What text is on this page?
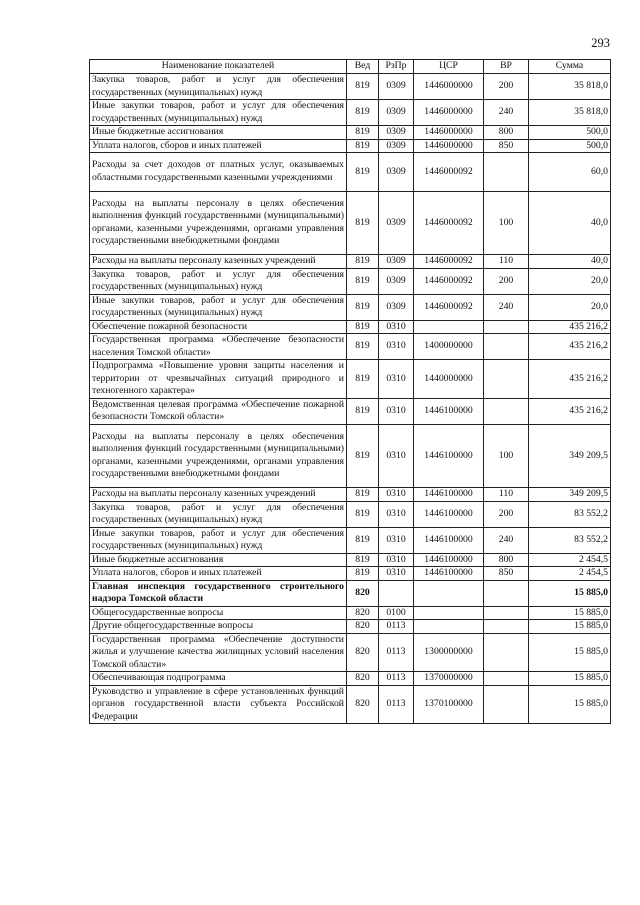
293
Наименование показателей	Вед	РзПр	ЦСР	ВР	Сумма
Закупка товаров, работ и услуг для обеспечения государственных (муниципальных) нужд	819	0309	1446000000	200	35 818,0
Иные закупки товаров, работ и услуг для обеспечения государственных (муниципальных) нужд	819	0309	1446000000	240	35 818,0
Иные бюджетные ассигнования	819	0309	1446000000	800	500,0
Уплата налогов, сборов и иных платежей	819	0309	1446000000	850	500,0
Расходы за счет доходов от платных услуг, оказываемых областными государственными казенными учреждениями	819	0309	1446000092		60,0
Расходы на выплаты персоналу в целях обеспечения выполнения функций государственными (муниципальными) органами, казенными учреждениями, органами управления государственными внебюджетными фондами	819	0309	1446000092	100	40,0
Расходы на выплаты персоналу казенных учреждений	819	0309	1446000092	110	40,0
Закупка товаров, работ и услуг для обеспечения государственных (муниципальных) нужд	819	0309	1446000092	200	20,0
Иные закупки товаров, работ и услуг для обеспечения государственных (муниципальных) нужд	819	0309	1446000092	240	20,0
Обеспечение пожарной безопасности	819	0310			435 216,2
Государственная программа «Обеспечение безопасности населения Томской области»	819	0310	1400000000		435 216,2
Подпрограмма «Повышение уровня защиты населения и территории от чрезвычайных ситуаций природного и техногенного характера»	819	0310	1440000000		435 216,2
Ведомственная целевая программа «Обеспечение пожарной безопасности Томской области»	819	0310	1446100000		435 216,2
Расходы на выплаты персоналу в целях обеспечения выполнения функций государственными (муниципальными) органами, казенными учреждениями, органами управления государственными внебюджетными фондами	819	0310	1446100000	100	349 209,5
Расходы на выплаты персоналу казенных учреждений	819	0310	1446100000	110	349 209,5
Закупка товаров, работ и услуг для обеспечения государственных (муниципальных) нужд	819	0310	1446100000	200	83 552,2
Иные закупки товаров, работ и услуг для обеспечения государственных (муниципальных) нужд	819	0310	1446100000	240	83 552,2
Иные бюджетные ассигнования	819	0310	1446100000	800	2 454,5
Уплата налогов, сборов и иных платежей	819	0310	1446100000	850	2 454,5
Главная инспекция государственного строительного надзора Томской области	820				15 885,0
Общегосударственные вопросы	820	0100			15 885,0
Другие общегосударственные вопросы	820	0113			15 885,0
Государственная программа «Обеспечение доступности жилья и улучшение качества жилищных условий населения Томской области»	820	0113	1300000000		15 885,0
Обеспечивающая подпрограмма	820	0113	1370000000		15 885,0
Руководство и управление в сфере установленных функций органов государственной власти субъекта Российской Федерации	820	0113	1370100000		15 885,0
